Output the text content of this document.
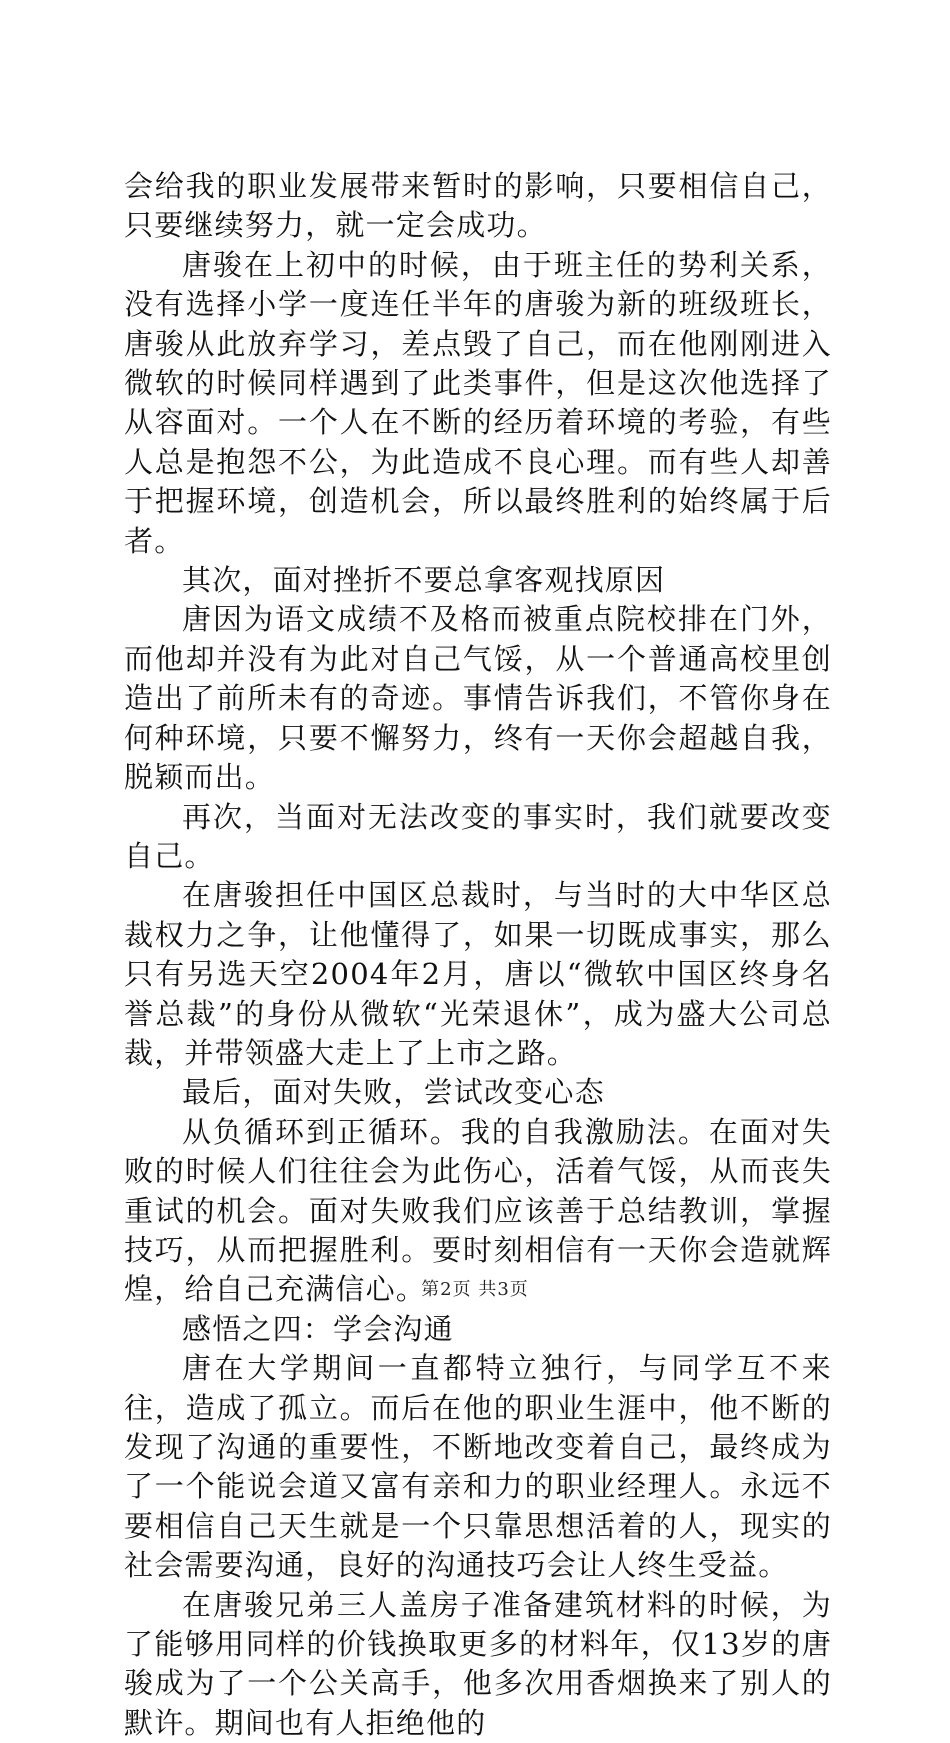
会给我的职业发展带来暂时的影响，只要相信自己，只要继续努力，就一定会成功。

唐骏在上初中的时候，由于班主任的势利关系，没有选择小学一度连任半年的唐骏为新的班级班长，唐骏从此放弃学习，差点毁了自己，而在他刚刚进入微软的时候同样遇到了此类事件，但是这次他选择了从容面对。一个人在不断的经历着环境的考验，有些人总是抱怨不公，为此造成不良心理。而有些人却善于把握环境，创造机会，所以最终胜利的始终属于后者。

其次，面对挫折不要总拿客观找原因

唐因为语文成绩不及格而被重点院校排在门外，而他却并没有为此对自己气馁，从一个普通高校里创造出了前所未有的奇迹。事情告诉我们，不管你身在何种环境，只要不懈努力，终有一天你会超越自我，脱颖而出。

再次，当面对无法改变的事实时，我们就要改变自己。

在唐骏担任中国区总裁时，与当时的大中华区总裁权力之争，让他懂得了，如果一切既成事实，那么只有另选天空2004年2月，唐以“微软中国区终身名誉总裁”的身份从微软“光荣退休”，成为盛大公司总裁，并带领盛大走上了上市之路。

最后，面对失败，尝试改变心态

从负循环到正循环。我的自我激励法。在面对失败的时候人们往往会为此伤心，活着气馁，从而丧失重试的机会。面对失败我们应该善于总结教训，掌握技巧，从而把握胜利。要时刻相信有一天你会造就辉煌，给自己充满信心。

感悟之四：学会沟通

唐在大学期间一直都特立独行，与同学互不来往，造成了孤立。而后在他的职业生涯中，他不断的发现了沟通的重要性，不断地改变着自己，最终成为了一个能说会道又富有亲和力的职业经理人。永远不要相信自己天生就是一个只靠思想活着的人，现实的社会需要沟通，良好的沟通技巧会让人终生受益。

在唐骏兄弟三人盖房子准备建筑材料的时候，为了能够用同样的价钱换取更多的材料年，仅13岁的唐骏成为了一个公关高手，他多次用香烟换来了别人的默许。期间也有人拒绝他的

第2页 共3页
